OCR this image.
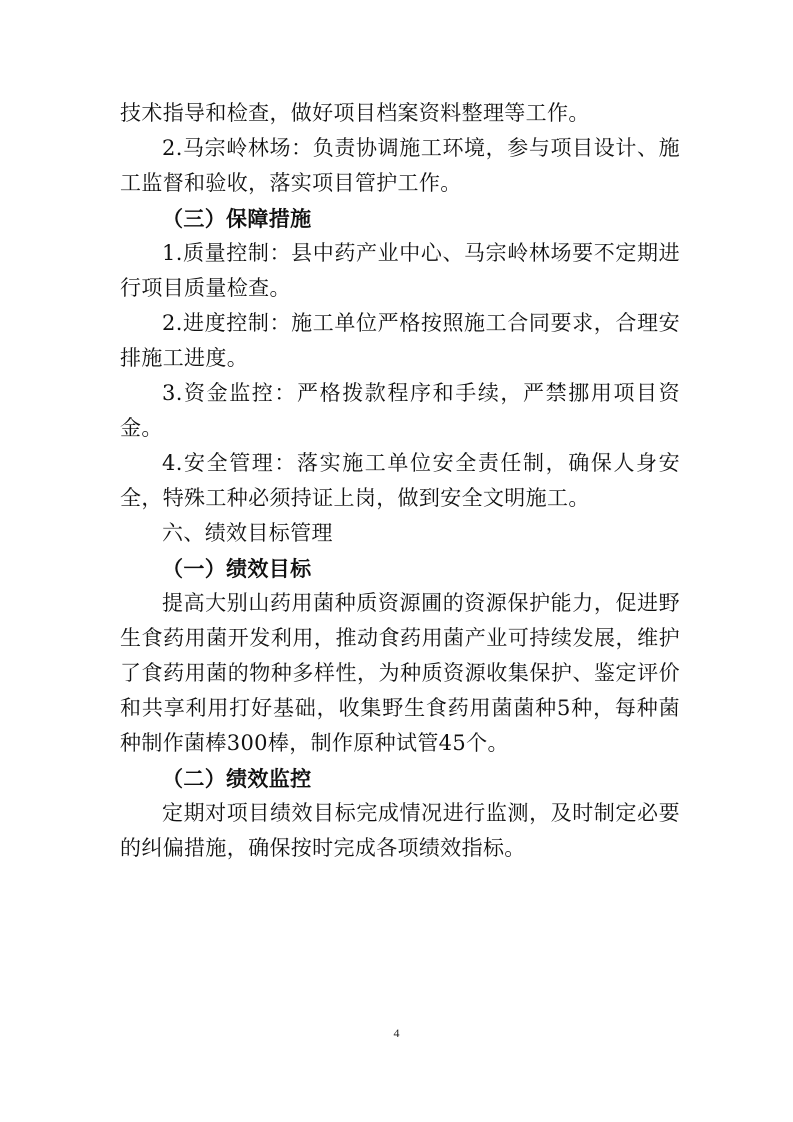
技术指导和检查，做好项目档案资料整理等工作。

2.马宗岭林场：负责协调施工环境，参与项目设计、施工监督和验收，落实项目管护工作。

（三）保障措施

1.质量控制：县中药产业中心、马宗岭林场要不定期进行项目质量检查。

2.进度控制：施工单位严格按照施工合同要求，合理安排施工进度。

3.资金监控：严格拨款程序和手续，严禁挪用项目资金。

4.安全管理：落实施工单位安全责任制，确保人身安全，特殊工种必须持证上岗，做到安全文明施工。

六、绩效目标管理

（一）绩效目标

提高大别山药用菌种质资源圃的资源保护能力，促进野生食药用菌开发利用，推动食药用菌产业可持续发展，维护了食药用菌的物种多样性，为种质资源收集保护、鉴定评价和共享利用打好基础，收集野生食药用菌菌种5种，每种菌种制作菌棒300棒，制作原种试管45个。

（二）绩效监控

定期对项目绩效目标完成情况进行监测，及时制定必要的纠偏措施，确保按时完成各项绩效指标。

4
